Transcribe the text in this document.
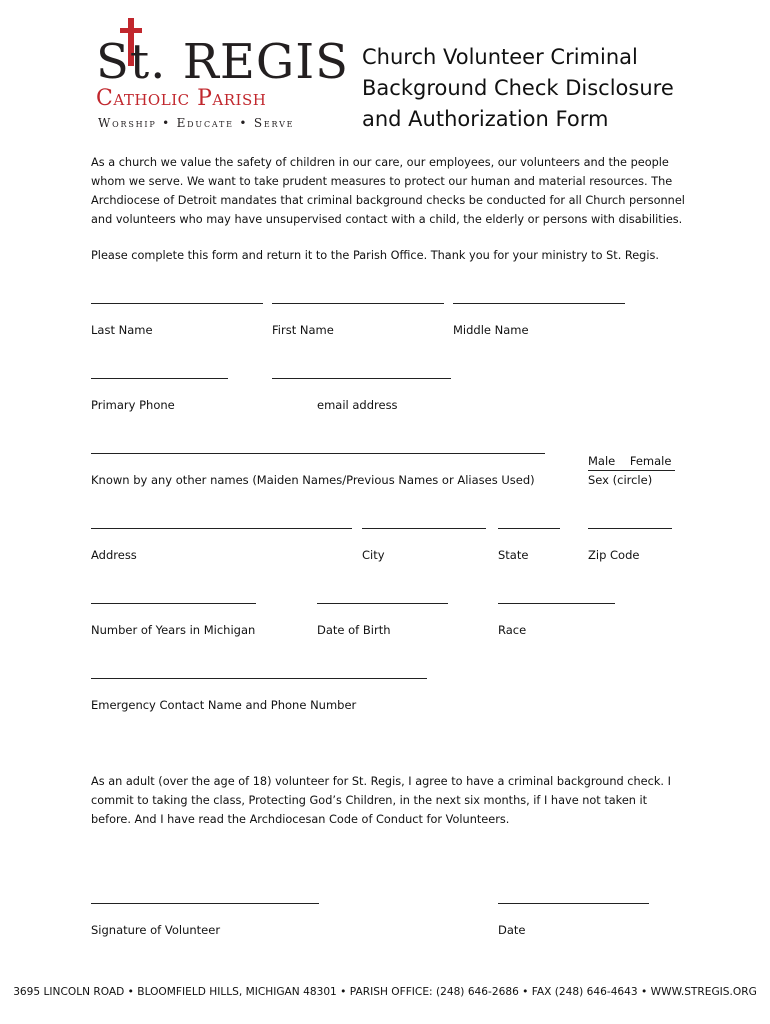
St. REGIS
Catholic Parish
Worship • Educate • Serve
Church Volunteer Criminal
Background Check Disclosure
and Authorization Form
As a church we value the safety of children in our care, our employees, our volunteers and the people
whom we serve. We want to take prudent measures to protect our human and material resources. The
Archdiocese of Detroit mandates that criminal background checks be conducted for all Church personnel
and volunteers who may have unsupervised contact with a child, the elderly or persons with disabilities.
Please complete this form and return it to the Parish Office. Thank you for your ministry to St. Regis.
Last Name	First Name	Middle Name
Primary Phone	email address
Known by any other names (Maiden Names/Previous Names or Aliases Used)
Male    Female
Sex (circle)
Address	City	State	Zip Code
Number of Years in Michigan	Date of Birth	Race
Emergency Contact Name and Phone Number
As an adult (over the age of 18) volunteer for St. Regis, I agree to have a criminal background check. I
commit to taking the class, Protecting God’s Children, in the next six months, if I have not taken it
before. And I have read the Archdiocesan Code of Conduct for Volunteers.
Signature of Volunteer	Date
3695 LINCOLN ROAD • BLOOMFIELD HILLS, MICHIGAN 48301 • PARISH OFFICE: (248) 646-2686 • FAX (248) 646-4643 • WWW.STREGIS.ORG
